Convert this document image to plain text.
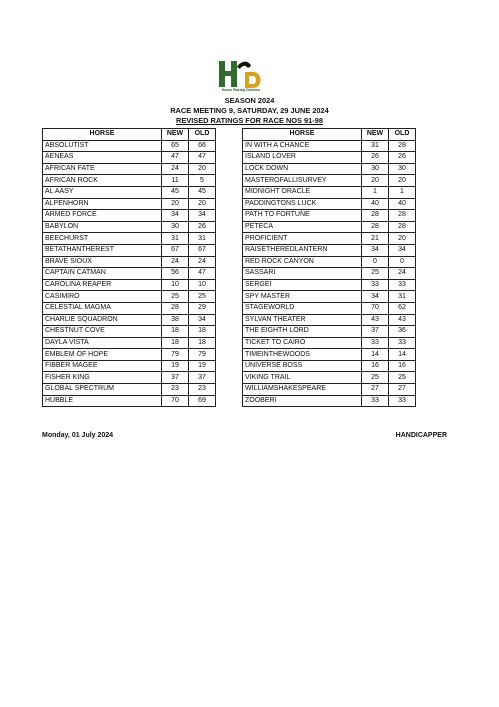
Horse Racing Division
SEASON 2024
RACE MEETING 9, SATURDAY, 29 JUNE 2024
REVISED RATINGS FOR RACE NOS 91-98
HORSE	NEW	OLD
ABSOLUTIST	65	66
AENEAS	47	47
AFRICAN FATE	24	20
AFRICAN ROCK	11	5
AL AASY	45	45
ALPENHORN	20	20
ARMED FORCE	34	34
BABYLON	30	26
BEECHURST	31	31
BETATHANTHEREST	67	67
BRAVE SIOUX	24	24
CAPTAIN CATMAN	56	47
CAROLINA REAPER	10	10
CASIMIRO	25	25
CELESTIAL MAGMA	28	29
CHARLIE SQUADRON	38	34
CHESTNUT COVE	18	18
DAYLA VISTA	18	18
EMBLEM OF HOPE	79	79
FIBBER MAGEE	19	19
FISHER KING	37	37
GLOBAL SPECTRUM	23	23
HUBBLE	70	69
HORSE	NEW	OLD
IN WITH A CHANCE	31	28
ISLAND LOVER	26	26
LOCK DOWN	30	30
MASTEROFALLISURVEY	20	20
MIDNIGHT ORACLE	1	1
PADDINGTONS LUCK	40	40
PATH TO FORTUNE	28	28
PETECA	28	28
PROFICIENT	21	20
RAISETHEREDLANTERN	34	34
RED ROCK CANYON	0	0
SASSARI	25	24
SERGEI	33	33
SPY MASTER	34	31
STAGEWORLD	70	62
SYLVAN THEATER	43	43
THE EIGHTH LORD	37	36
TICKET TO CAIRO	33	33
TIMEINTHEWOODS	14	14
UNIVERSE BOSS	16	16
VIKING TRAIL	25	25
WILLIAMSHAKESPEARE	27	27
ZOOBERI	33	33
Monday, 01 July 2024	HANDICAPPER
